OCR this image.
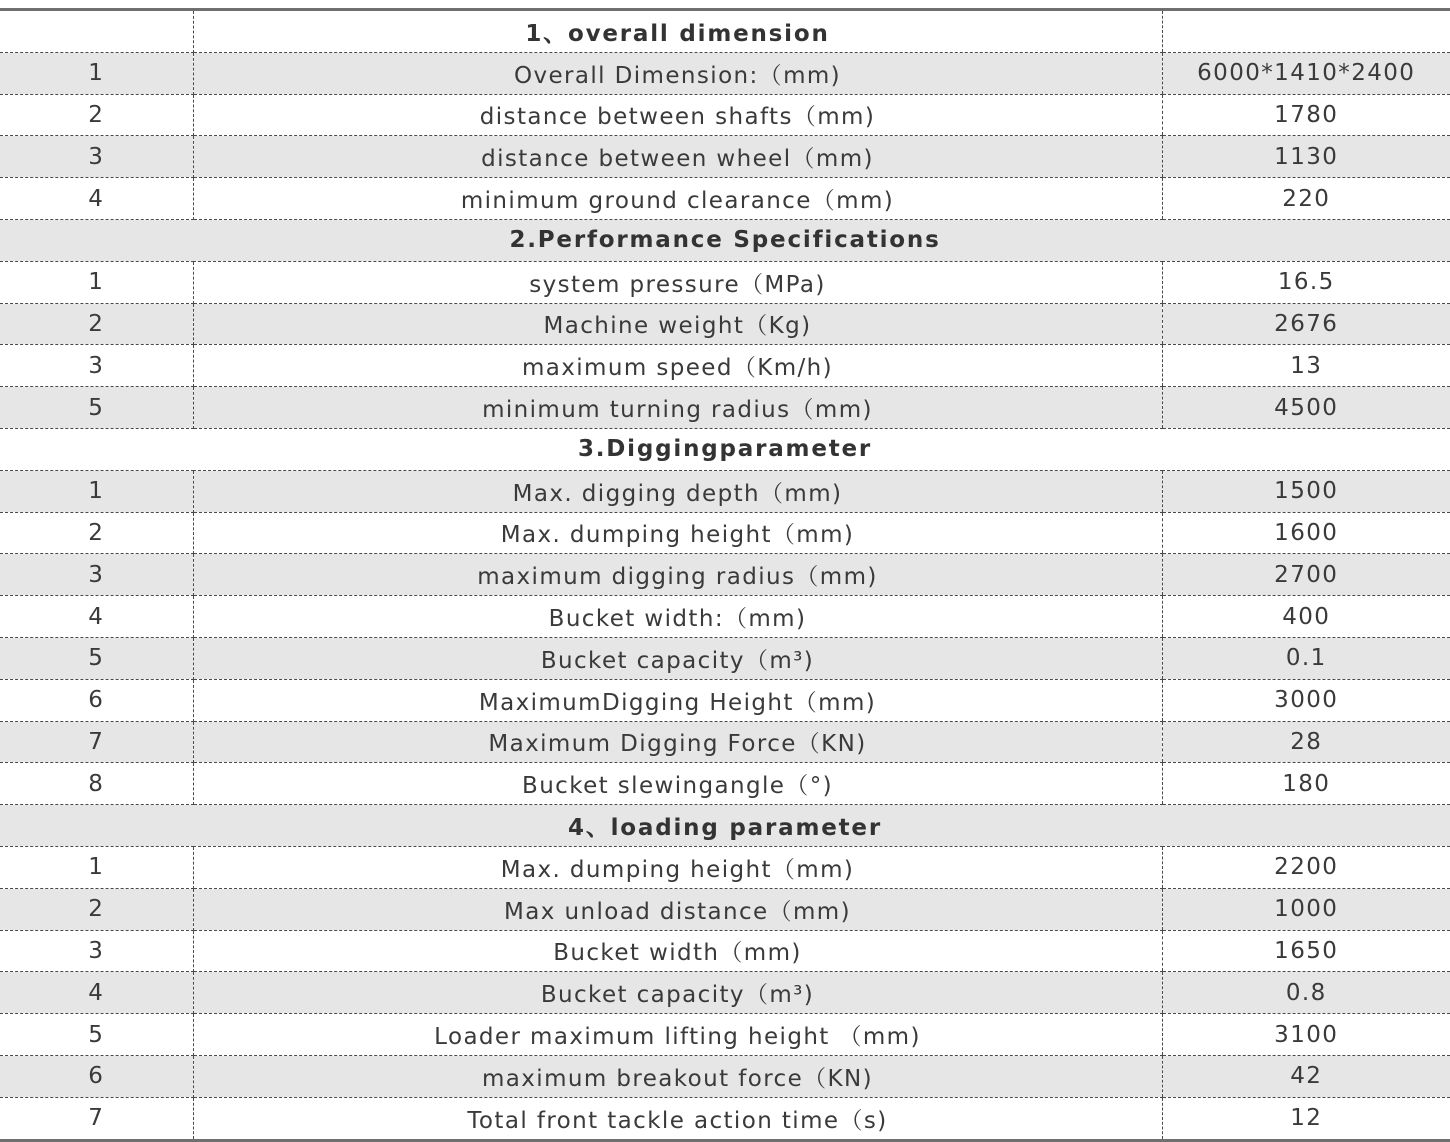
	1、overall dimension	
1	Overall Dimension:（mm)	6000*1410*2400
2	distance between shafts（mm)	1780
3	distance between wheel（mm)	1130
4	minimum ground clearance（mm)	220
2.Performance Specifications		
1	system pressure（MPa)	16.5
2	Machine weight（Kg)	2676
3	maximum speed（Km/h)	13
5	minimum turning radius（mm)	4500
3.Diggingparameter		
1	Max. digging depth（mm)	1500
2	Max. dumping height（mm)	1600
3	maximum digging radius（mm)	2700
4	Bucket width:（mm)	400
5	Bucket capacity（m³)	0.1
6	MaximumDigging Height（mm)	3000
7	Maximum Digging Force（KN)	28
8	Bucket slewingangle（°)	180
4、loading parameter		
1	Max. dumping height（mm)	2200
2	Max unload distance（mm)	1000
3	Bucket width（mm)	1650
4	Bucket capacity（m³)	0.8
5	Loader maximum lifting height （mm)	3100
6	maximum breakout force（KN)	42
7	Total front tackle action time（s)	12
